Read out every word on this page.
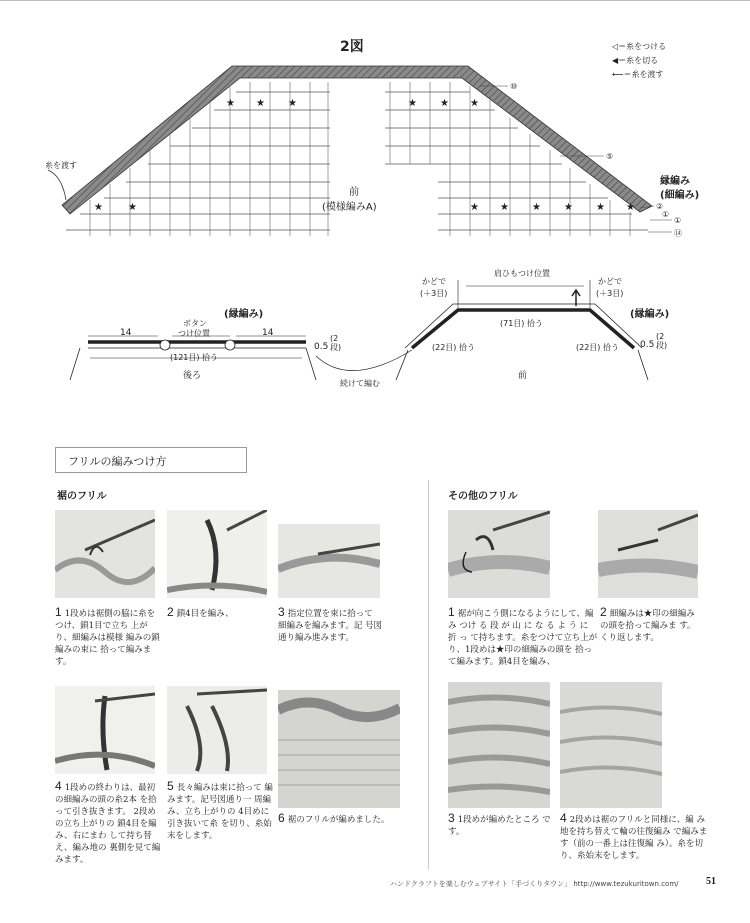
2図	◁＝糸をつける
◀＝糸を切る
⟵＝糸を渡す
★ ★ ★	★ ★ ★
★	★	★ ★ ★ ★ ★ ★
糸を渡す
⑩
⑤
②
①
①
⑭
前
(模様編みA)
縁編み
(細編み)
14
ボタン
つけ位置
(縁編み)
14
(121目) 拾う
後ろ
0.5
(2段)
肩ひもつけ位置
かどで
(＋3目)
かどで
(＋3目)
(縁編み)
(71目) 拾う
(22目) 拾う	(22目) 拾う
前
0.5
(2段)
続けて編む
フリルの編みつけ方
裾のフリル	その他のフリル
1 1段めは裾側の脇に糸を つけ、鎖1目で立ち 上がり、細編みは模様 編みの鎖編みの束に 拾って編みます。
2 鎖4目を編み、	3 指定位置を束に拾って 細編みを編みます。記 号図通り編み進みます。
4 1段めの終わりは、最初 の細編みの頭の糸2本 を拾って引き抜きます。 2段めの立ち上がりの 鎖4目を編み、右にまわ して持ち替え、編み地の 裏側を見て編みます。
5 長々編みは束に拾って 編みます。記号図通り一 周編み、立ち上がりの 4目めに引き抜いて糸 を切り、糸始末をします。
6 裾のフリルが編めました。
1 裾が向こう側になるようにして、編 み つけ る 段 が 山 に な る よ う に 折 っ て持ちます。糸をつけて立ち上が り、1段めは★印の細編みの頭を 拾って編みます。鎖4目を編み、
2 細編みは★印の細編み の頭を拾って編みま す。くり返します。
3 1段めが編めたところ です。
4 2段めは裾のフリルと同様に、編 み地を持ち替えて輪の往復編み で編みます（前の一番上は往復編 み）。糸を切り、糸始末をします。
ハンドクラフトを楽しむウェブサイト「手づくりタウン」 http://www.tezukuritown.com/	51
